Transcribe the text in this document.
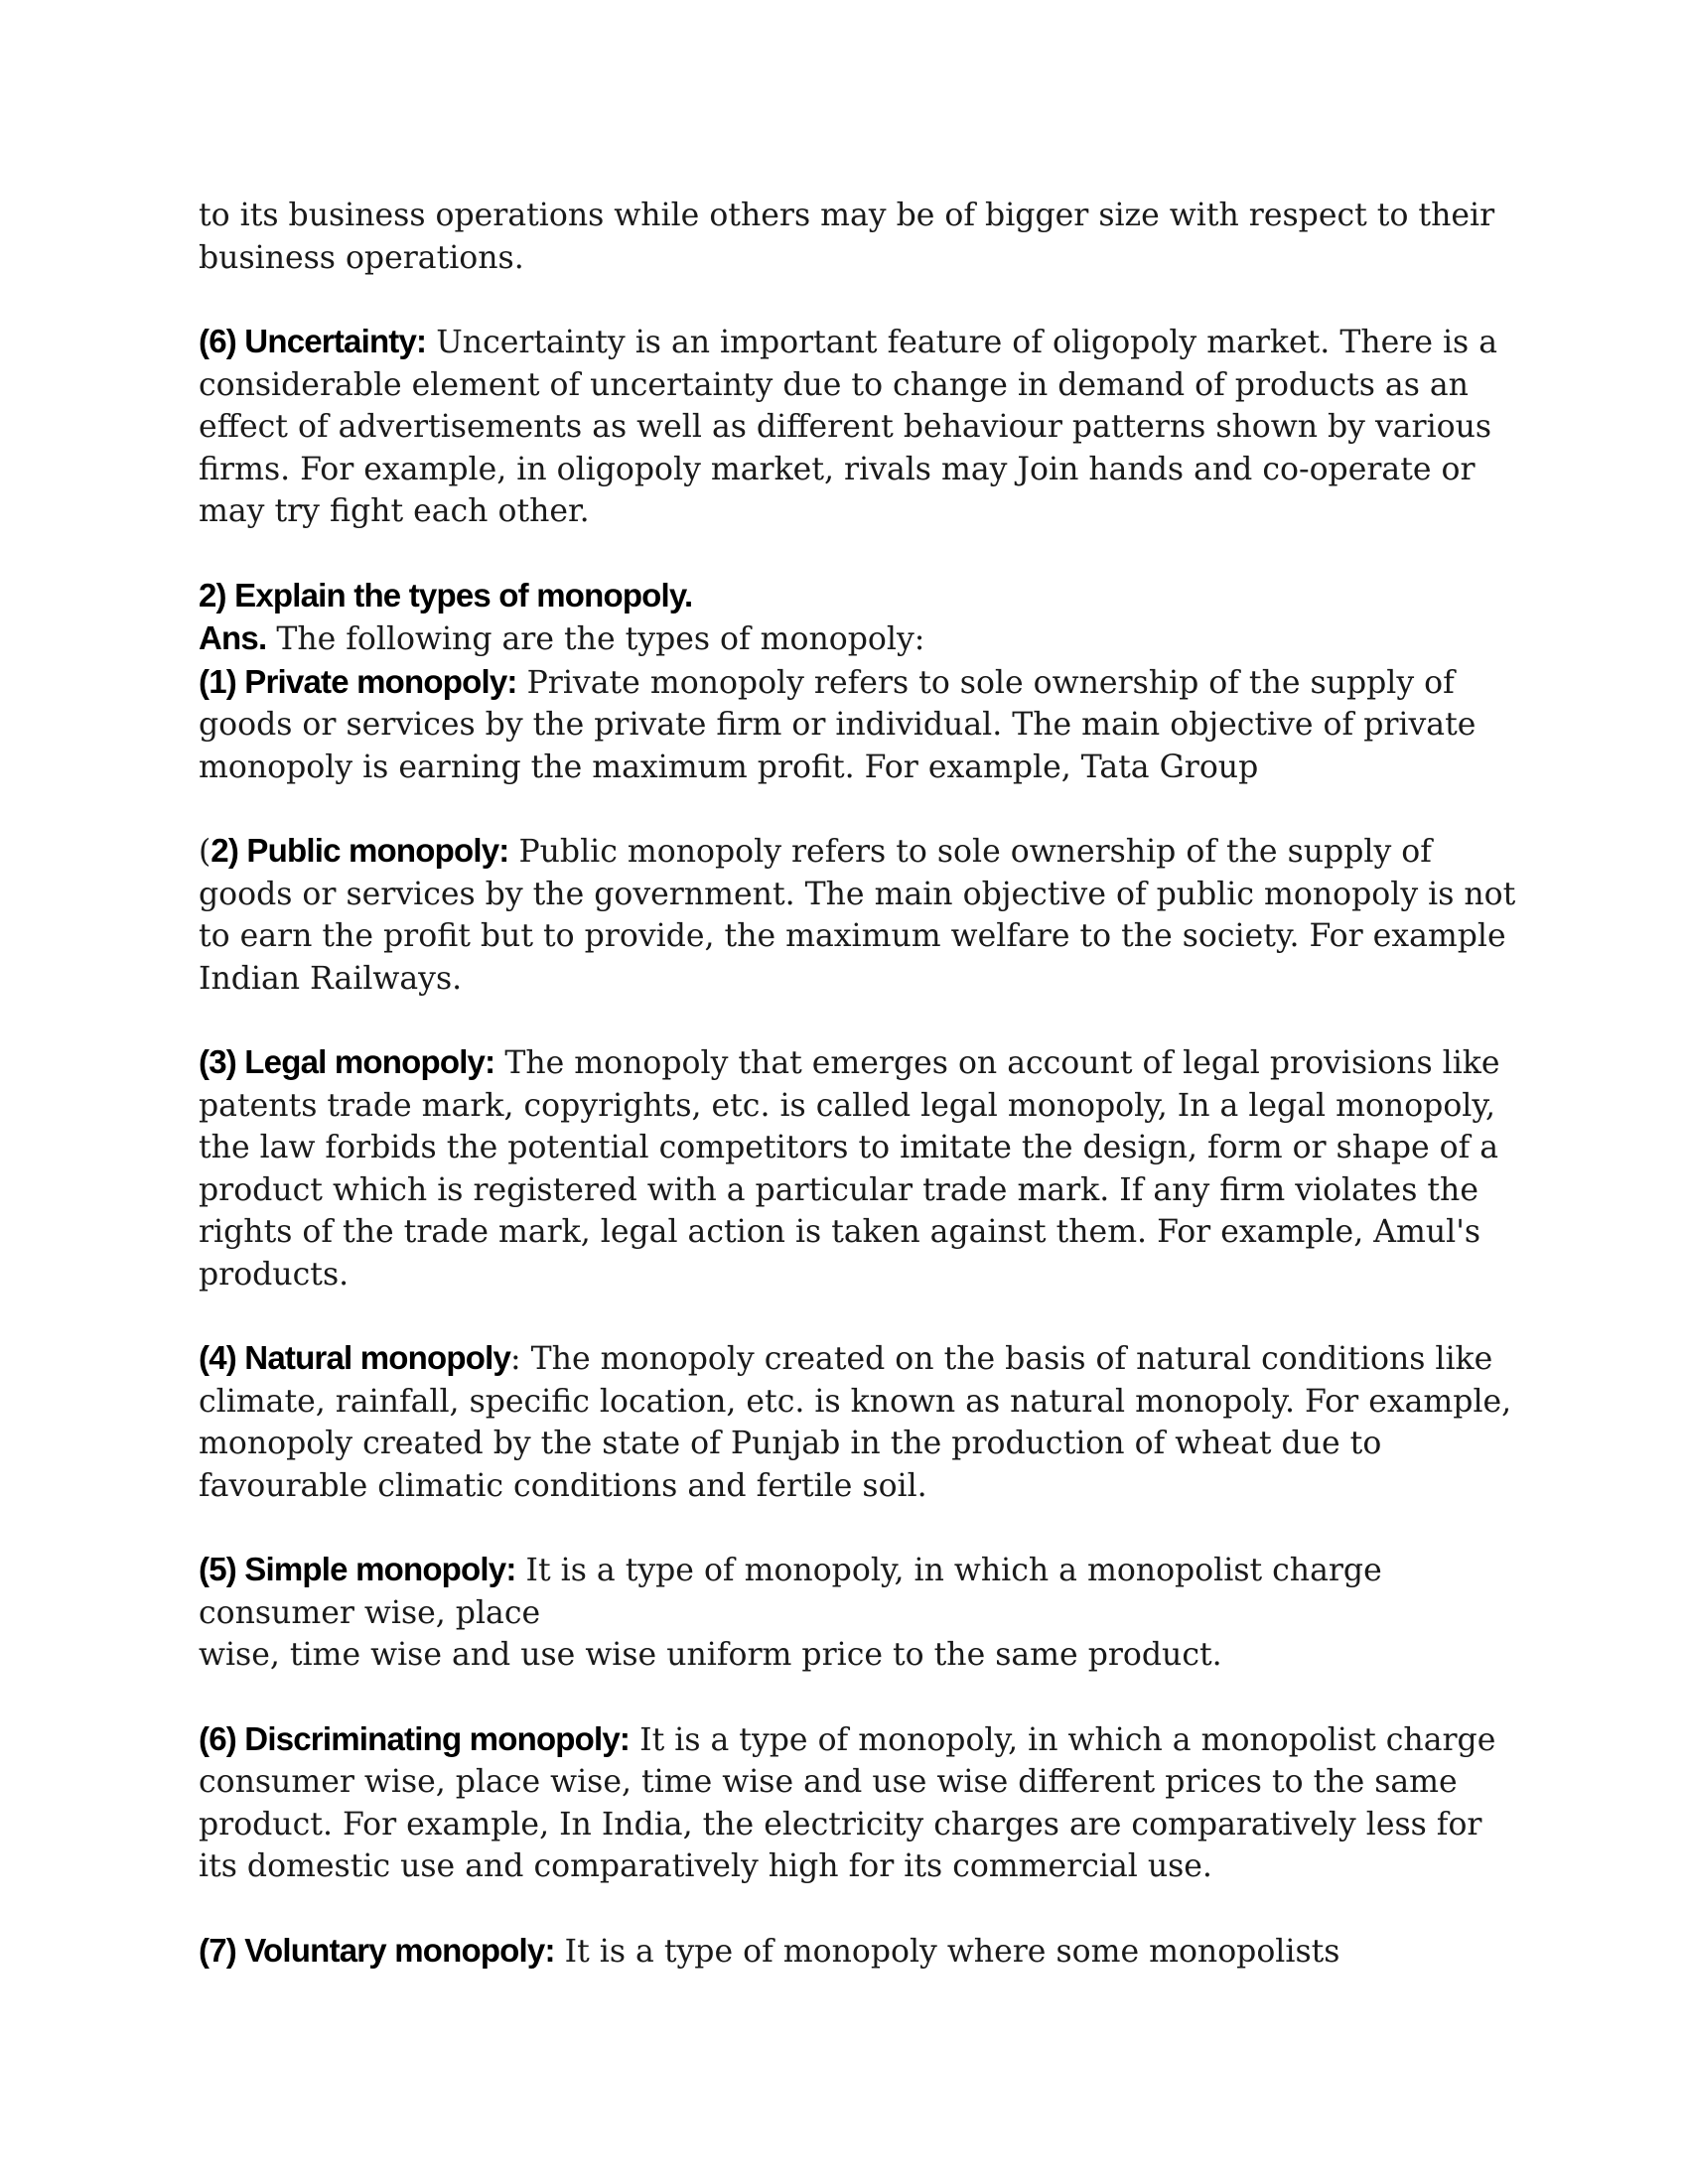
to its business operations while others may be of bigger size with respect to their
business operations.

(6) Uncertainty: Uncertainty is an important feature of oligopoly market. There is a considerable element of uncertainty due to change in demand of products as an effect of advertisements as well as different behaviour patterns shown by various firms. For example, in oligopoly market, rivals may Join hands and co-operate or may try fight each other.

2) Explain the types of monopoly.

Ans. The following are the types of monopoly:

(1) Private monopoly: Private monopoly refers to sole ownership of the supply of goods or services by the private firm or individual. The main objective of private monopoly is earning the maximum profit. For example, Tata Group

(2) Public monopoly: Public monopoly refers to sole ownership of the supply of goods or services by the government. The main objective of public monopoly is not to earn the profit but to provide, the maximum welfare to the society. For example Indian Railways.

(3) Legal monopoly: The monopoly that emerges on account of legal provisions like patents trade mark, copyrights, etc. is called legal monopoly, In a legal monopoly, the law forbids the potential competitors to imitate the design, form or shape of a product which is registered with a particular trade mark. If any firm violates the rights of the trade mark, legal action is taken against them. For example, Amul's products.

(4) Natural monopoly: The monopoly created on the basis of natural conditions like climate, rainfall, specific location, etc. is known as natural monopoly. For example, monopoly created by the state of Punjab in the production of wheat due to favourable climatic conditions and fertile soil.

(5) Simple monopoly: It is a type of monopoly, in which a monopolist charge consumer wise, place
wise, time wise and use wise uniform price to the same product.

(6) Discriminating monopoly: It is a type of monopoly, in which a monopolist charge consumer wise, place wise, time wise and use wise different prices to the same product. For example, In India, the electricity charges are comparatively less for its domestic use and comparatively high for its commercial use.

(7) Voluntary monopoly: It is a type of monopoly where some monopolists
